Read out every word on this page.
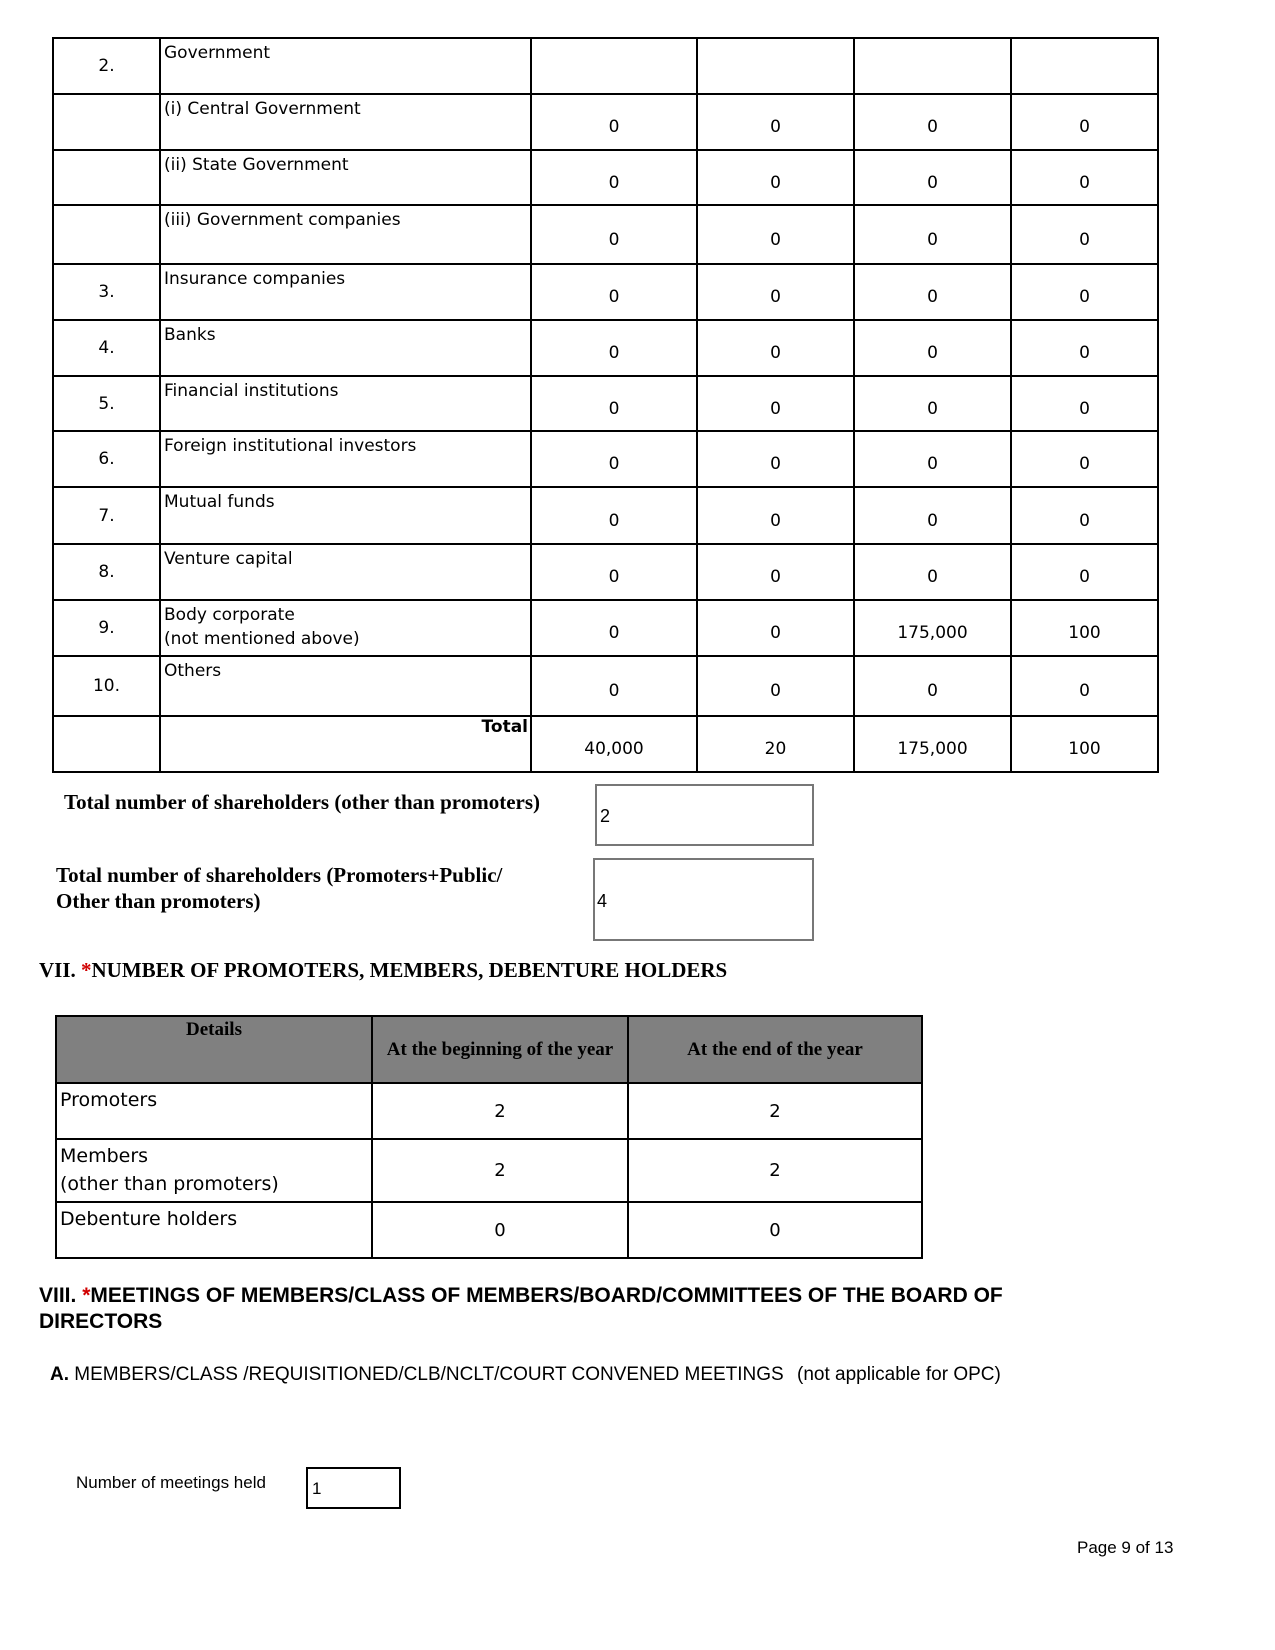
2.	Government				

	(i) Central Government	0	0	0	0

	(ii) State Government	0	0	0	0

	(iii) Government companies	0	0	0	0
3.	Insurance companies	0	0	0	0
4.	Banks	0	0	0	0
5.	Financial institutions	0	0	0	0
6.	Foreign institutional investors	0	0	0	0
7.	Mutual funds	0	0	0	0
8.	Venture capital	0	0	0	0
9.	Body corporate
(not mentioned above)	0	0	175,000	100
10.	Others	0	0	0	0
	Total	40,000	20	175,000	100
Total number of shareholders (other than promoters)
2
Total number of shareholders (Promoters+Public/
Other than promoters)	4
VII. *NUMBER OF PROMOTERS, MEMBERS, DEBENTURE HOLDERS
Details	At the beginning of the year	At the end of the year

Promoters	2	2

Members
(other than promoters)	2	2

Debenture holders	0	0
VIII. *MEETINGS OF MEMBERS/CLASS OF MEMBERS/BOARD/COMMITTEES OF THE BOARD OF
DIRECTORS
A. MEMBERS/CLASS /REQUISITIONED/CLB/NCLT/COURT CONVENED MEETINGS (not applicable for OPC)
Number of meetings held	1
Page 9 of 13
